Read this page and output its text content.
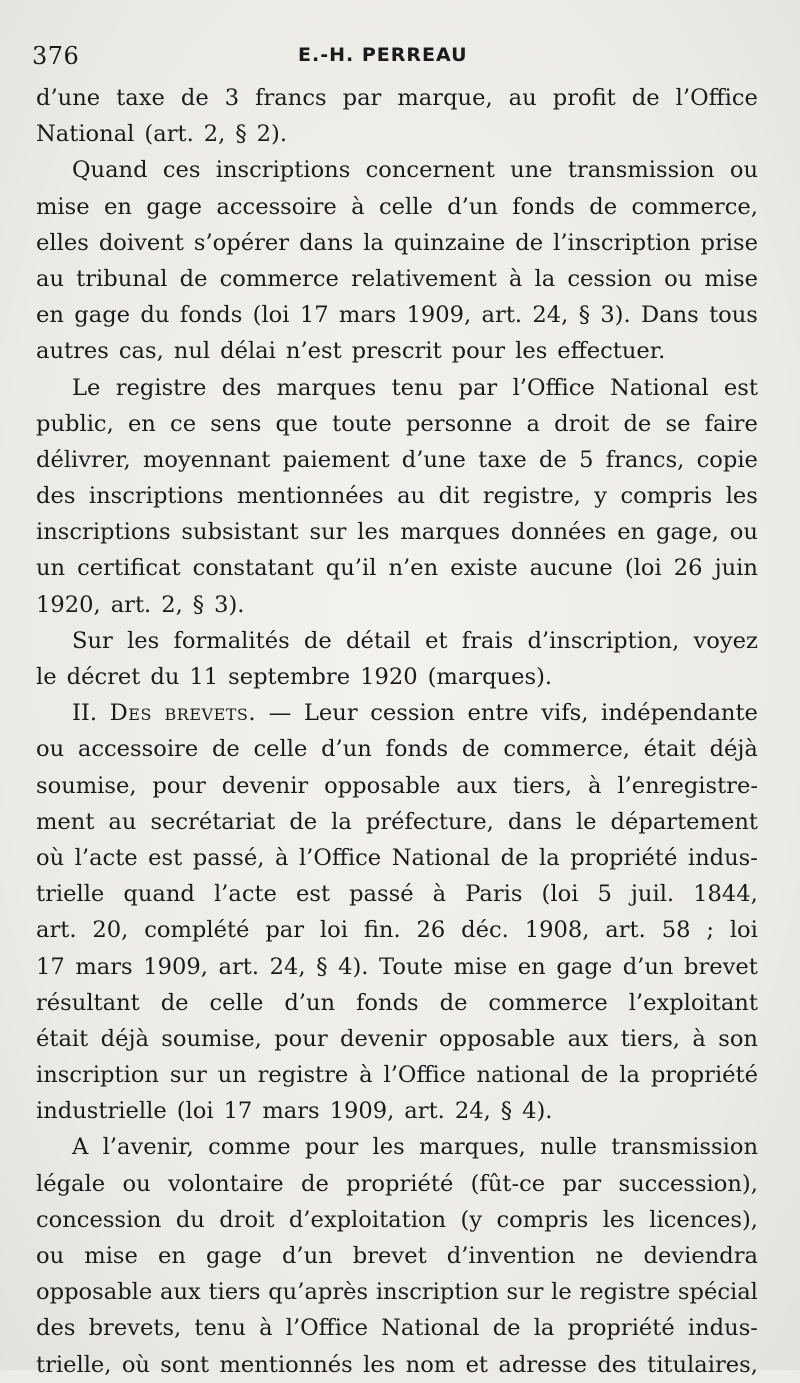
376	E.-H. PERREAU
d’une taxe de 3 francs par marque, au profit de l’Office
National (art. 2, § 2).
Quand ces inscriptions concernent une transmission ou
mise en gage accessoire à celle d’un fonds de commerce,
elles doivent s’opérer dans la quinzaine de l’inscription prise
au tribunal de commerce relativement à la cession ou mise
en gage du fonds (loi 17 mars 1909, art. 24, § 3). Dans tous
autres cas, nul délai n’est prescrit pour les effectuer.
Le registre des marques tenu par l’Office National est
public, en ce sens que toute personne a droit de se faire
délivrer, moyennant paiement d’une taxe de 5 francs, copie
des inscriptions mentionnées au dit registre, y compris les
inscriptions subsistant sur les marques données en gage, ou
un certificat constatant qu’il n’en existe aucune (loi 26 juin
1920, art. 2, § 3).
Sur les formalités de détail et frais d’inscription, voyez
le décret du 11 septembre 1920 (marques).
II. Des brevets. — Leur cession entre vifs, indépendante
ou accessoire de celle d’un fonds de commerce, était déjà
soumise, pour devenir opposable aux tiers, à l’enregistre-
ment au secrétariat de la préfecture, dans le département
où l’acte est passé, à l’Office National de la propriété indus-
trielle quand l’acte est passé à Paris (loi 5 juil. 1844,
art. 20, complété par loi fin. 26 déc. 1908, art. 58 ; loi
17 mars 1909, art. 24, § 4). Toute mise en gage d’un brevet
résultant de celle d’un fonds de commerce l’exploitant
était déjà soumise, pour devenir opposable aux tiers, à son
inscription sur un registre à l’Office national de la propriété
industrielle (loi 17 mars 1909, art. 24, § 4).
A l’avenir, comme pour les marques, nulle transmission
légale ou volontaire de propriété (fût-ce par succession),
concession du droit d’exploitation (y compris les licences),
ou mise en gage d’un brevet d’invention ne deviendra
opposable aux tiers qu’après inscription sur le registre spécial
des brevets, tenu à l’Office National de la propriété indus-
trielle, où sont mentionnés les nom et adresse des titulaires,
